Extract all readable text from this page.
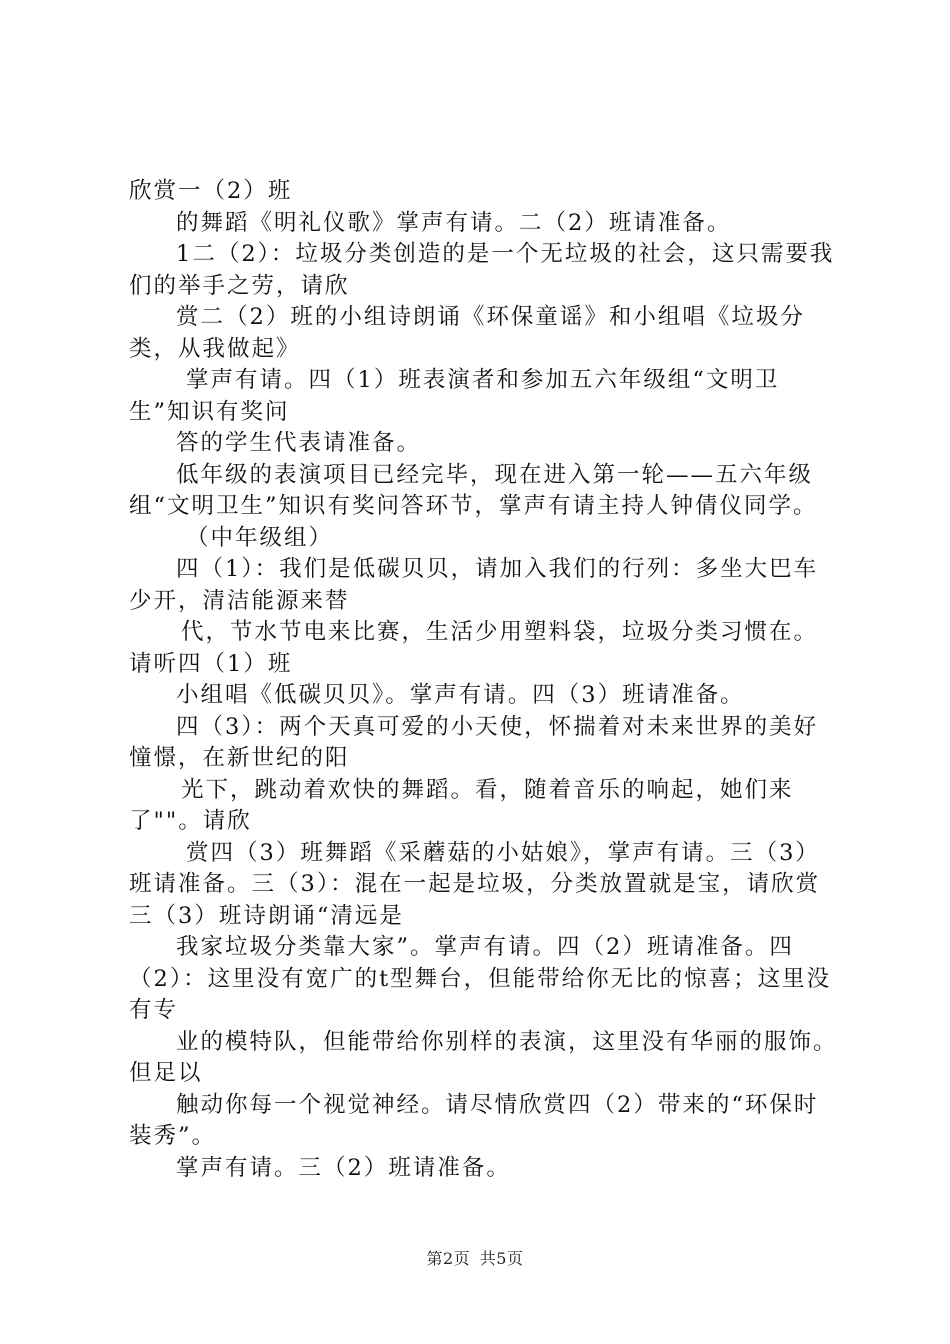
欣赏一（2）班

的舞蹈《明礼仪歌》掌声有请。二（2）班请准备。

1二（2）：垃圾分类创造的是一个无垃圾的社会，这只需要我们的举手之劳，请欣

赏二（2）班的小组诗朗诵《环保童谣》和小组唱《垃圾分类，从我做起》

掌声有请。四（1）班表演者和参加五六年级组“文明卫生”知识有奖问

答的学生代表请准备。

低年级的表演项目已经完毕，现在进入第一轮——五六年级组“文明卫生”知识有奖问答环节，掌声有请主持人钟倩仪同学。

（中年级组）

四（1）：我们是低碳贝贝，请加入我们的行列：多坐大巴车少开，清洁能源来替

代，节水节电来比赛，生活少用塑料袋，垃圾分类习惯在。请听四（1）班

小组唱《低碳贝贝》。掌声有请。四（3）班请准备。

四（3）：两个天真可爱的小天使，怀揣着对未来世界的美好憧憬，在新世纪的阳

光下，跳动着欢快的舞蹈。看，随着音乐的响起，她们来了""。请欣

赏四（3）班舞蹈《采蘑菇的小姑娘》，掌声有请。三（3）班请准备。三（3）：混在一起是垃圾，分类放置就是宝，请欣赏三（3）班诗朗诵“清远是

我家垃圾分类靠大家”。掌声有请。四（2）班请准备。四（2）：这里没有宽广的t型舞台，但能带给你无比的惊喜；这里没有专

业的模特队，但能带给你别样的表演，这里没有华丽的服饰。但足以

触动你每一个视觉神经。请尽情欣赏四（2）带来的“环保时装秀”。

掌声有请。三（2）班请准备。

第2页 共5页
